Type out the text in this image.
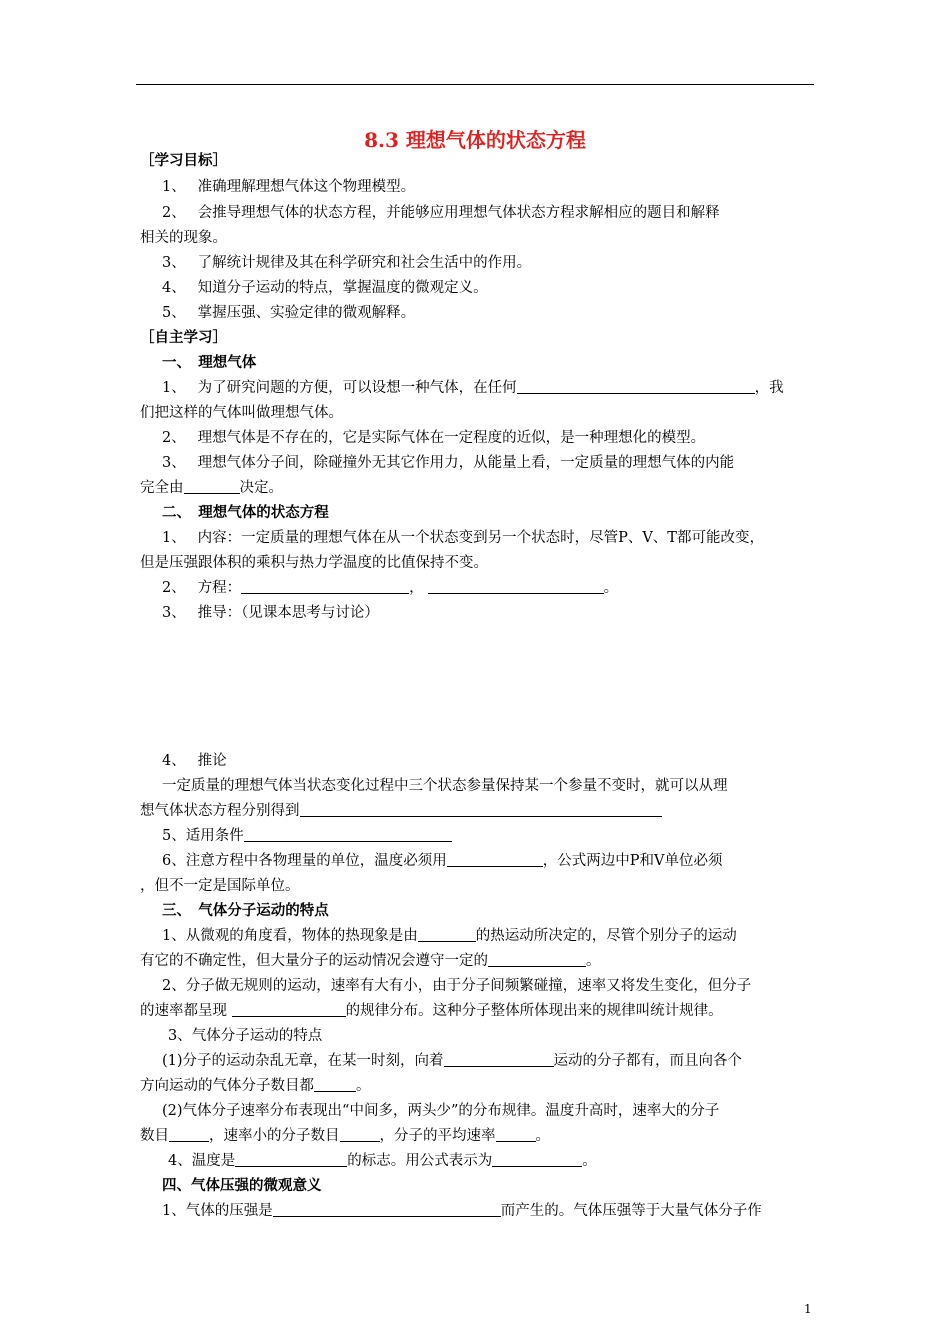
8.3 理想气体的状态方程
［学习目标］
1、　 准确理解理想气体这个物理模型。
2、　 会推导理想气体的状态方程，并能够应用理想气体状态方程求解相应的题目和解释
相关的现象。
3、　 了解统计规律及其在科学研究和社会生活中的作用。
4、　 知道分子运动的特点，掌握温度的微观定义。
5、　 掌握压强、实验定律的微观解释。
［自主学习］
一、　理想气体
1、　 为了研究问题的方便，可以设想一种气体，在任何	，我
们把这样的气体叫做理想气体。
2、　 理想气体是不存在的，它是实际气体在一定程度的近似，是一种理想化的模型。
3、　 理想气体分子间，除碰撞外无其它作用力，从能量上看，一定质量的理想气体的内能
完全由	决定。
二、　理想气体的状态方程
1、　 内容：一定质量的理想气体在从一个状态变到另一个状态时，尽管P、V、T都可能改变，
但是压强跟体积的乘积与热力学温度的比值保持不变。
2、　 方程：	，	。
3、　 推导：（见课本思考与讨论）
4、　 推论
一定质量的理想气体当状态变化过程中三个状态参量保持某一个参量不变时，就可以从理
想气体状态方程分别得到
5、适用条件
6、注意方程中各物理量的单位，温度必须用	，公式两边中P和V单位必须
，但不一定是国际单位。
三、　气体分子运动的特点
1、从微观的角度看，物体的热现象是由	的热运动所决定的，尽管个别分子的运动
有它的不确定性，但大量分子的运动情况会遵守一定的	。
2、分子做无规则的运动，速率有大有小，由于分子间频繁碰撞，速率又将发生变化，但分子
的速率都呈现	的规律分布。这种分子整体所体现出来的规律叫统计规律。
3、气体分子运动的特点
(1)分子的运动杂乱无章，在某一时刻，向着	运动的分子都有，而且向各个
方向运动的气体分子数目都	。
(2)气体分子速率分布表现出“中间多，两头少”的分布规律。温度升高时，速率大的分子
数目	，速率小的分子数目	，分子的平均速率	。
4、温度是	的标志。用公式表示为	。
四、气体压强的微观意义
1、气体的压强是	而产生的。气体压强等于大量气体分子作
1
